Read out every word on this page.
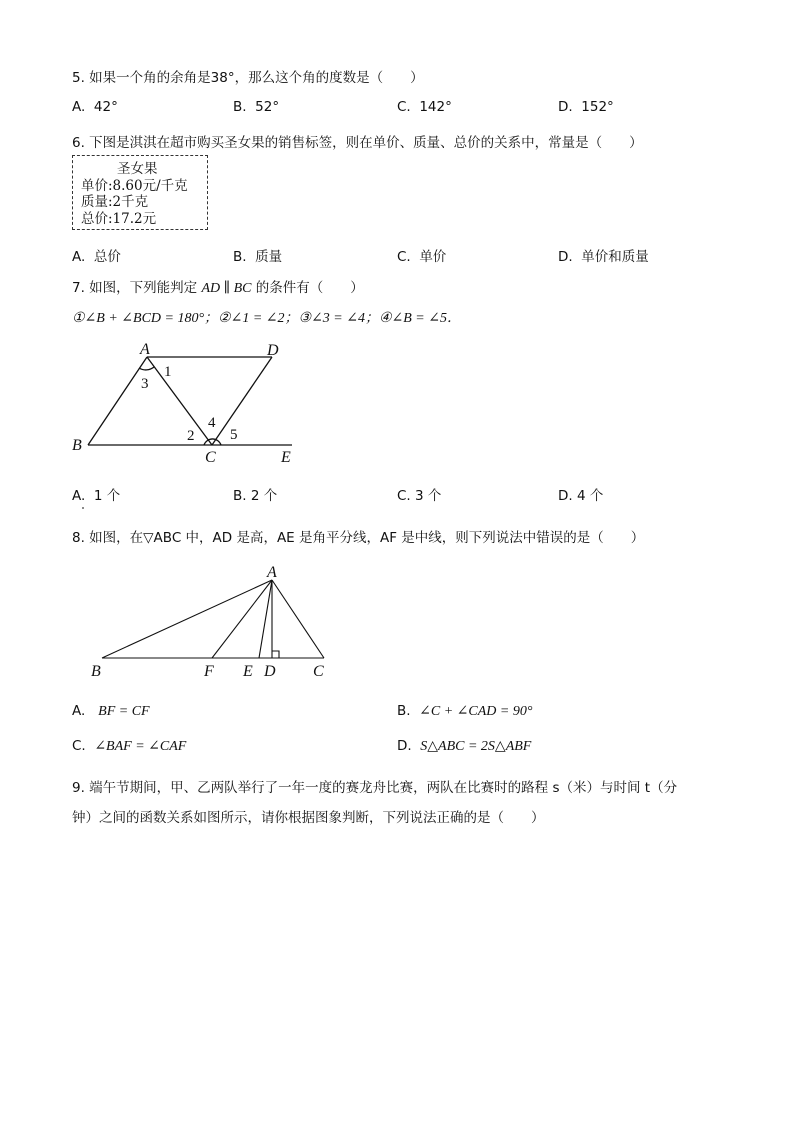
5. 如果一个角的余角是38°，那么这个角的度数是（　　）
A. 42°	B. 52°	C. 142°	D. 152°
6. 下图是淇淇在超市购买圣女果的销售标签，则在单价、质量、总价的关系中，常量是（　　）
圣女果
单价:8.60元/千克
质量:2千克
总价:17.2元
A. 总价	B. 质量	C. 单价	D. 单价和质量
7. 如图，下列能判定 AD ∥ BC 的条件有（　　）
①∠B + ∠BCD = 180°；②∠1 = ∠2；③∠3 = ∠4；④∠B = ∠5．
A	D
B
C	E
1
2
3
4
5
A. 1 个	B. 2 个	C. 3 个	D. 4 个
8. 如图，在▽ABC 中，AD 是高，AE 是角平分线，AF 是中线，则下列说法中错误的是（　　）
A
B	F E D C
A. BF = CF	B. ∠C + ∠CAD = 90°
C. ∠BAF = ∠CAF	D. S△ABC = 2S△ABF
9. 端午节期间，甲、乙两队举行了一年一度的赛龙舟比赛，两队在比赛时的路程 s（米）与时间 t（分
钟）之间的函数关系如图所示，请你根据图象判断，下列说法正确的是（　　）
